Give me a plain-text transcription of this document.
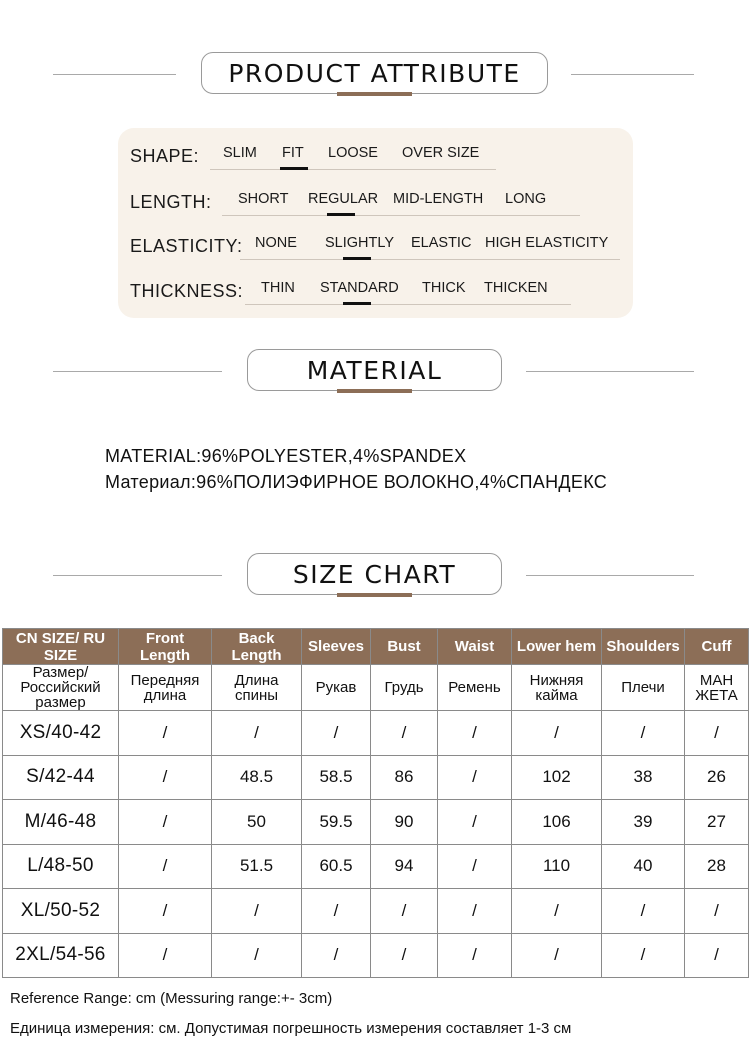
PRODUCT ATTRIBUTE
SHAPE: SLIM FIT LOOSE OVER SIZE
LENGTH: SHORT REGULAR MID-LENGTH LONG
ELASTICITY: NONE SLIGHTLY ELASTIC HIGH ELASTICITY
THICKNESS: THIN STANDARD THICK THICKEN
MATERIAL
MATERIAL:96%POLYESTER,4%SPANDEX
Материал:96%ПОЛИЭФИРНОЕ ВОЛОКНО,4%СПАНДЕКС
SIZE CHART
CN SIZE/ RU SIZE	Front Length	Back Length	Sleeves	Bust	Waist	Lower hem	Shoulders	Cuff
Размер/ Российский размер	Передняя длина	Длина спины	Рукав	Грудь	Ремень	Нижняя кайма	Плечи	МАН ЖЕТА
XS/40-42	/	/	/	/	/	/	/	/
S/42-44	/	48.5	58.5	86	/	102	38	26
M/46-48	/	50	59.5	90	/	106	39	27
L/48-50	/	51.5	60.5	94	/	110	40	28
XL/50-52	/	/	/	/	/	/	/	/
2XL/54-56	/	/	/	/	/	/	/	/
Reference Range: cm (Messuring range:+- 3cm)
Единица измерения: см. Допустимая погрешность измерения составляет 1-3 см
